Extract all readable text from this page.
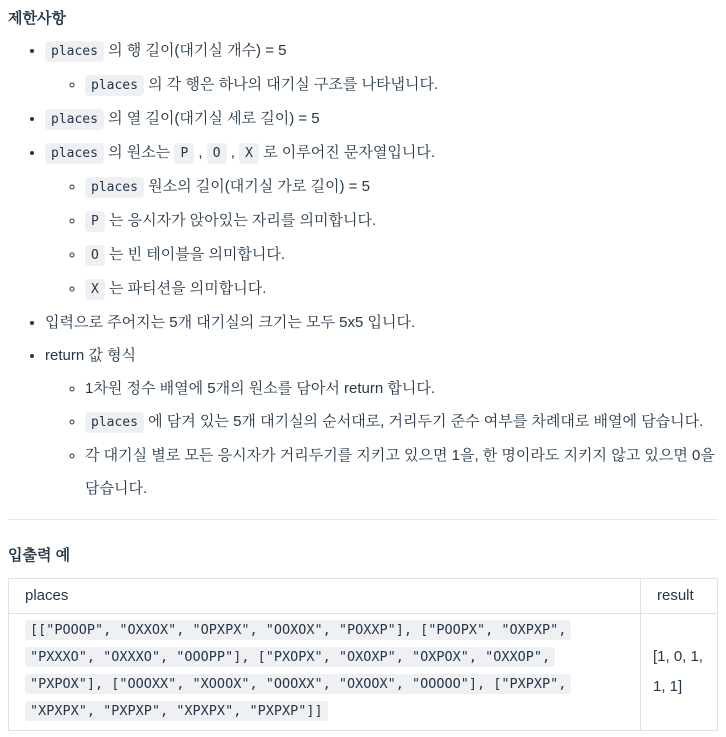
제한사항
• places 의 행 길이(대기실 개수) = 5
◦ places 의 각 행은 하나의 대기실 구조를 나타냅니다.
• places 의 열 길이(대기실 세로 길이) = 5
• places 의 원소는 P , O , X 로 이루어진 문자열입니다.
◦ places 원소의 길이(대기실 가로 길이) = 5
◦ P 는 응시자가 앉아있는 자리를 의미합니다.
◦ O 는 빈 테이블을 의미합니다.
◦ X 는 파티션을 의미합니다.
• 입력으로 주어지는 5개 대기실의 크기는 모두 5x5 입니다.
• return 값 형식
◦ 1차원 정수 배열에 5개의 원소를 담아서 return 합니다.
◦ places 에 담겨 있는 5개 대기실의 순서대로, 거리두기 준수 여부를 차례대로 배열에 담습니다.
◦ 각 대기실 별로 모든 응시자가 거리두기를 지키고 있으면 1을, 한 명이라도 지키지 않고 있으면 0을 담습니다.
입출력 예
places	result
[["POOOP", "OXXOX", "OPXPX", "OOXOX", "POXXP"], ["POOPX", "OXPXP", "PXXXO", "OXXXO", "OOOPP"], ["PXOPX", "OXOXP", "OXPOX", "OXXOP", "PXPOX"], ["OOOXX", "XOOOX", "OOOXX", "OXOOX", "OOOOO"], ["PXPXP", "XPXPX", "PXPXP", "XPXPX", "PXPXP"]]	[1, 0, 1, 1, 1]
